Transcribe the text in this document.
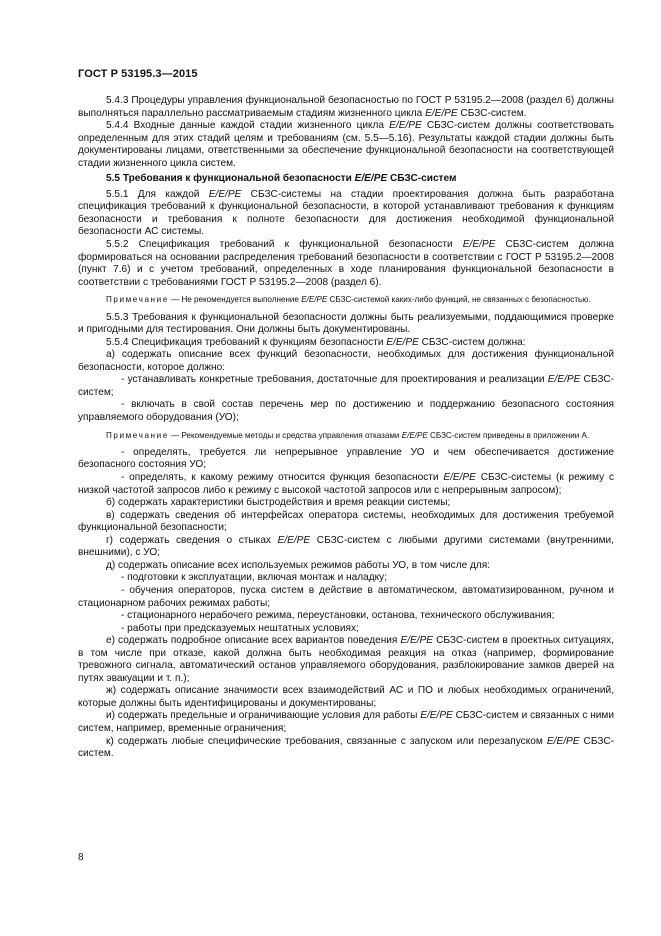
ГОСТ Р 53195.3—2015

5.4.3 Процедуры управления функциональной безопасностью по ГОСТ Р 53195.2—2008 (раздел 6) должны выполняться параллельно рассматриваемым стадиям жизненного цикла E/E/PE СБЗС-систем.

5.4.4 Входные данные каждой стадии жизненного цикла E/E/PE СБЗС-систем должны соответствовать определенным для этих стадий целям и требованиям (см. 5.5—5.16). Результаты каждой стадии должны быть документированы лицами, ответственными за обеспечение функциональной безопасности на соответствующей стадии жизненного цикла систем.

5.5 Требования к функциональной безопасности E/E/PE СБЗС-систем

5.5.1 Для каждой E/E/PE СБЗС-системы на стадии проектирования должна быть разработана спецификация требований к функциональной безопасности, в которой устанавливают требования к функциям безопасности и требования к полноте безопасности для достижения необходимой функциональной безопасности АС системы.

5.5.2 Спецификация требований к функциональной безопасности E/E/PE СБЗС-систем должна формироваться на основании распределения требований безопасности в соответствии с ГОСТ Р 53195.2—2008 (пункт 7.6) и с учетом требований, определенных в ходе планирования функциональной безопасности в соответствии с требованиями ГОСТ Р 53195.2—2008 (раздел 6).

Примечание — Не рекомендуется выполнение E/E/PE СБЗС-системой каких-либо функций, не связанных с безопасностью.

5.5.3 Требования к функциональной безопасности должны быть реализуемыми, поддающимися проверке и пригодными для тестирования. Они должны быть документированы.

5.5.4 Спецификация требований к функциям безопасности E/E/PE СБЗС-систем должна:

а) содержать описание всех функций безопасности, необходимых для достижения функциональной безопасности, которое должно:

- устанавливать конкретные требования, достаточные для проектирования и реализации E/E/PE СБЗС-систем;

- включать в свой состав перечень мер по достижению и поддержанию безопасного состояния управляемого оборудования (УО);

Примечание — Рекомендуемые методы и средства управления отказами E/E/PE СБЗС-систем приведены в приложении А.

- определять, требуется ли непрерывное управление УО и чем обеспечивается достижение безопасного состояния УО;

- определять, к какому режиму относится функция безопасности E/E/PE СБЗС-системы (к режиму с низкой частотой запросов либо к режиму с высокой частотой запросов или с непрерывным запросом);

б) содержать характеристики быстродействия и время реакции системы;

в) содержать сведения об интерфейсах оператора системы, необходимых для достижения требуемой функциональной безопасности;

г) содержать сведения о стыках E/E/PE СБЗС-систем с любыми другими системами (внутренними, внешними), с УО;

д) содержать описание всех используемых режимов работы УО, в том числе для:

- подготовки к эксплуатации, включая монтаж и наладку;

- обучения операторов, пуска систем в действие в автоматическом, автоматизированном, ручном и стационарном рабочих режимах работы;

- стационарного нерабочего режима, переустановки, останова, технического обслуживания;

- работы при предсказуемых нештатных условиях;

е) содержать подробное описание всех вариантов поведения E/E/PE СБЗС-систем в проектных ситуациях, в том числе при отказе, какой должна быть необходимая реакция на отказ (например, формирование тревожного сигнала, автоматический останов управляемого оборудования, разблокирование замков дверей на путях эвакуации и т. п.);

ж) содержать описание значимости всех взаимодействий АС и ПО и любых необходимых ограничений, которые должны быть идентифицированы и документированы;

и) содержать предельные и ограничивающие условия для работы E/E/PE СБЗС-систем и связанных с ними систем, например, временные ограничения;

к) содержать любые специфические требования, связанные с запуском или перезапуском E/E/PE СБЗС-систем.

8
